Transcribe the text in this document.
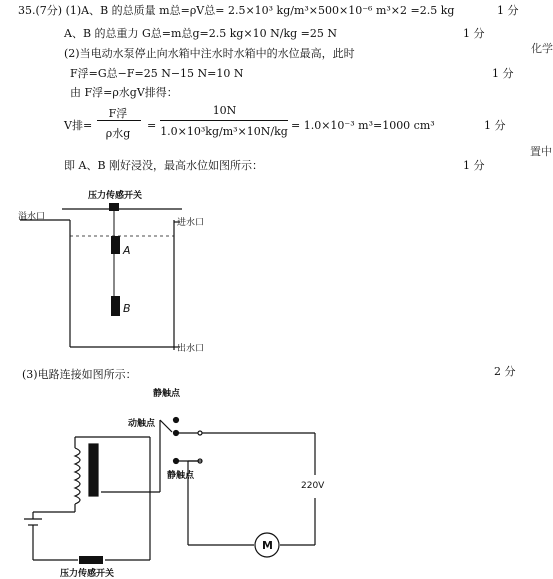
35.(7分) (1)A、B 的总质量 m总=ρV总= 2.5×10³ kg/m³×500×10⁻⁶ m³×2 =2.5 kg	1 分
A、B 的总重力 G总=m总g=2.5 kg×10 N/kg =25 N	1 分
化学
(2)当电动水泵停止向水箱中注水时水箱中的水位最高，此时
F浮=G总−F=25 N−15 N=10 N	1 分
由 F浮=ρ水gV排得：
V排=
F浮
ρ水g
=
10N
1.0×10³kg/m³×10N/kg = 1.0×10⁻³ m³=1000 cm³	1 分
置中
即 A、B 刚好浸没，最高水位如图所示：	1 分
压力传感开关
溢水口
进水口
出水口
A
B
(3)电路连接如图所示：	2 分
静触点
动触点
静触点
220V
M
压力传感开关
